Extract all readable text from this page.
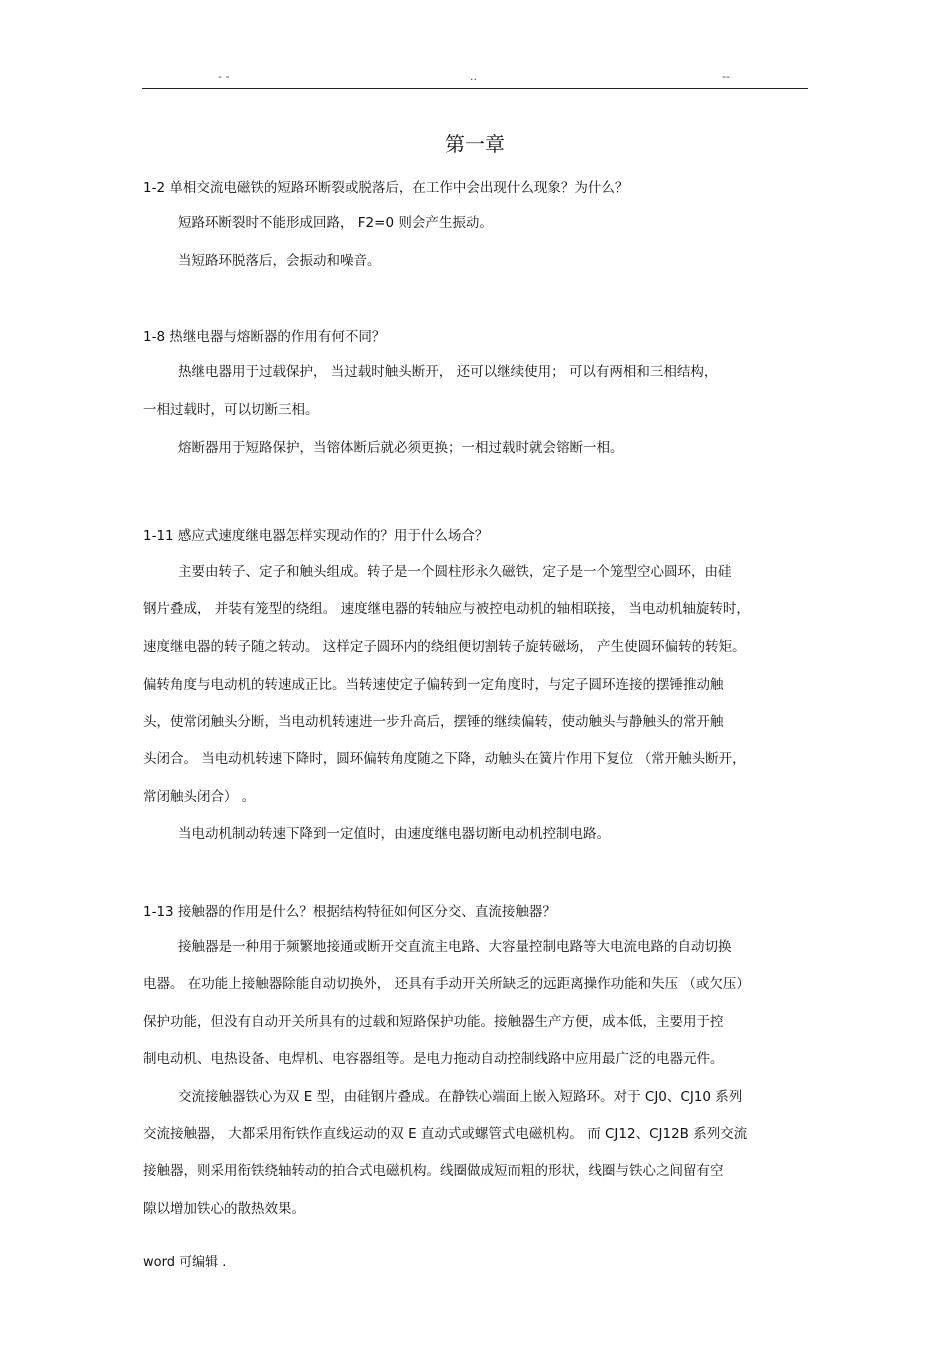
- -	..	--
第一章
1-2 单相交流电磁铁的短路环断裂或脱落后，在工作中会出现什么现象？为什么？
短路环断裂时不能形成回路， F2=0 则会产生振动。
当短路环脱落后，会振动和噪音。
1-8 热继电器与熔断器的作用有何不同？
热继电器用于过载保护， 当过载时触头断开， 还可以继续使用； 可以有两相和三相结构，
一相过载时，可以切断三相。
熔断器用于短路保护，当镕体断后就必须更换；一相过载时就会镕断一相。
1-11 感应式速度继电器怎样实现动作的？用于什么场合？
主要由转子、定子和触头组成。转子是一个圆柱形永久磁铁，定子是一个笼型空心圆环，由硅
钢片叠成， 并装有笼型的绕组。 速度继电器的转轴应与被控电动机的轴相联接， 当电动机轴旋转时，
速度继电器的转子随之转动。 这样定子圆环内的绕组便切割转子旋转磁场， 产生使圆环偏转的转矩。
偏转角度与电动机的转速成正比。当转速使定子偏转到一定角度时，与定子圆环连接的摆锤推动触
头，使常闭触头分断，当电动机转速进一步升高后，摆锤的继续偏转，使动触头与静触头的常开触
头闭合。 当电动机转速下降时，圆环偏转角度随之下降，动触头在簧片作用下复位 （常开触头断开，
常闭触头闭合） 。
当电动机制动转速下降到一定值时，由速度继电器切断电动机控制电路。
1-13 接触器的作用是什么？根据结构特征如何区分交、直流接触器？
接触器是一种用于频繁地接通或断开交直流主电路、大容量控制电路等大电流电路的自动切换
电器。 在功能上接触器除能自动切换外， 还具有手动开关所缺乏的远距离操作功能和失压 （或欠压）
保护功能，但没有自动开关所具有的过载和短路保护功能。接触器生产方便，成本低，主要用于控
制电动机、电热设备、电焊机、电容器组等。是电力拖动自动控制线路中应用最广泛的电器元件。
交流接触器铁心为双 E 型，由硅钢片叠成。在静铁心端面上嵌入短路环。对于 CJ0、CJ10 系列
交流接触器， 大都采用衔铁作直线运动的双 E 直动式或螺管式电磁机构。 而 CJ12、CJ12B 系列交流
接触器，则采用衔铁绕轴转动的拍合式电磁机构。线圈做成短而粗的形状，线圈与铁心之间留有空
隙以增加铁心的散热效果。
word 可编辑 .
